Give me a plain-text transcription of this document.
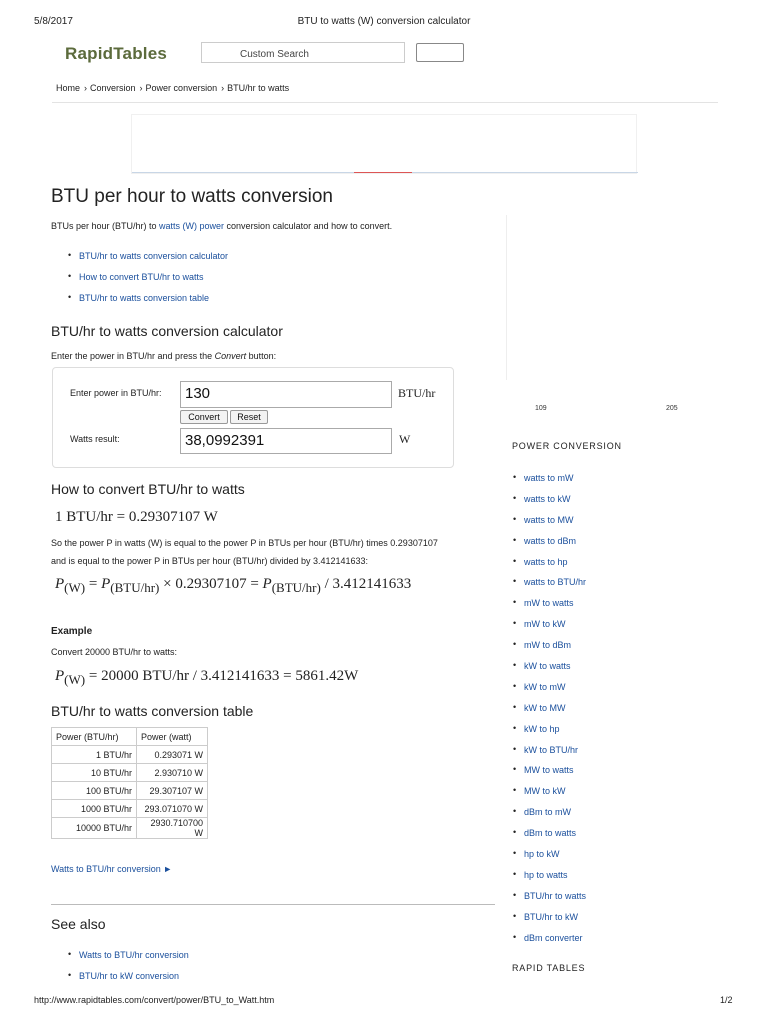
5/8/2017	BTU to watts (W) conversion calculator
RapidTables	Custom Search
Home › Conversion › Power conversion › BTU/hr to watts
BTU per hour to watts conversion
BTUs per hour (BTU/hr) to watts (W) power conversion calculator and how to convert.
• BTU/hr to watts conversion calculator
• How to convert BTU/hr to watts
• BTU/hr to watts conversion table
BTU/hr to watts conversion calculator
Enter the power in BTU/hr and press the Convert button:
Enter power in BTU/hr:	130	BTU/hr
Convert	Reset
Watts result:	38,0992391	W
How to convert BTU/hr to watts
1 BTU/hr = 0.29307107 W
So the power P in watts (W) is equal to the power P in BTUs per hour (BTU/hr) times 0.29307107
and is equal to the power P in BTUs per hour (BTU/hr) divided by 3.412141633:
$P_{(W)} = P_{(BTU/hr)} \times 0.29307107 = P_{(BTU/hr)} / 3.412141633$
Example
Convert 20000 BTU/hr to watts:
$P_{(W)} = 20000$ BTU/hr / 3.412141633 = 5861.42W
BTU/hr to watts conversion table
Power (BTU/hr)	Power (watt)
1 BTU/hr	0.293071 W
10 BTU/hr	2.930710 W
100 BTU/hr	29.307107 W
1000 BTU/hr	293.071070 W
10000 BTU/hr	2930.710700 W
Watts to BTU/hr conversion ►
See also
• Watts to BTU/hr conversion
• BTU/hr to kW conversion
109	205
POWER CONVERSION
• watts to mW
• watts to kW
• watts to MW
• watts to dBm
• watts to hp
• watts to BTU/hr
• mW to watts
• mW to kW
• mW to dBm
• kW to watts
• kW to mW
• kW to MW
• kW to hp
• kW to BTU/hr
• MW to watts
• MW to kW
• dBm to mW
• dBm to watts
• hp to kW
• hp to watts
• BTU/hr to watts
• BTU/hr to kW
• dBm converter
RAPID TABLES
http://www.rapidtables.com/convert/power/BTU_to_Watt.htm	1/2
